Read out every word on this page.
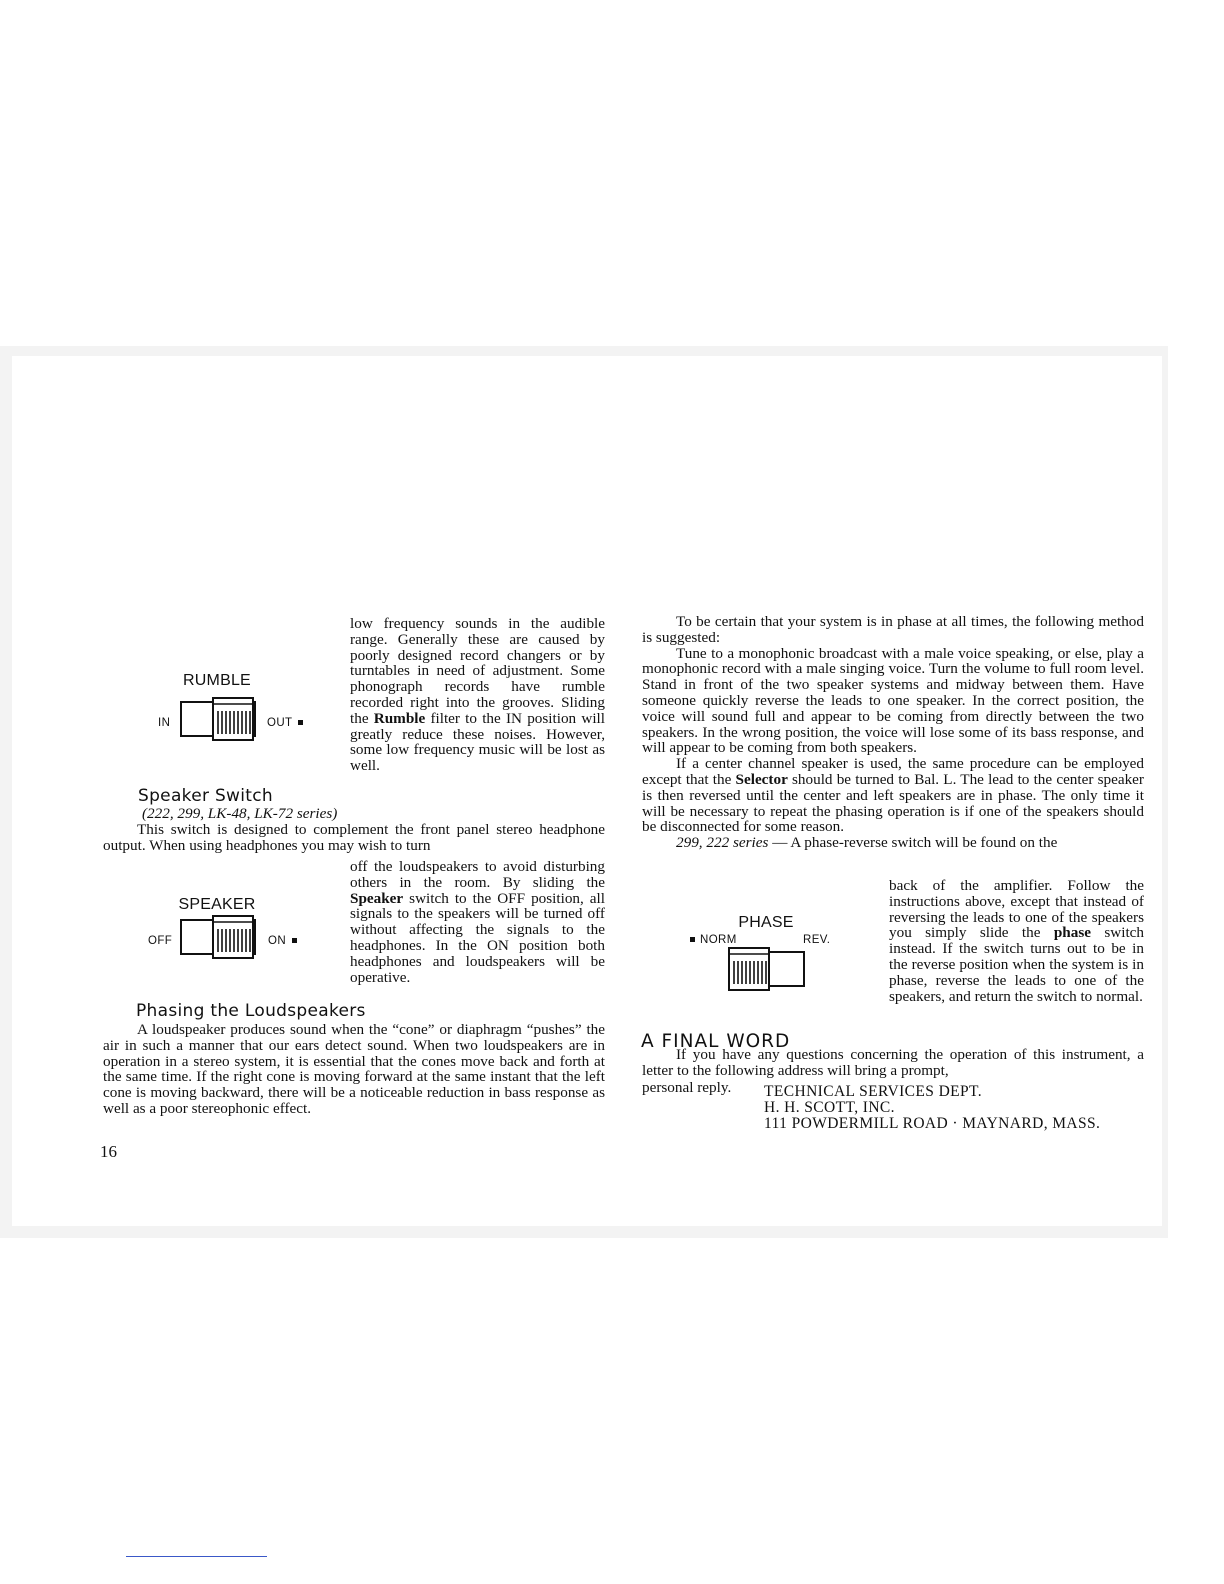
RUMBLE
IN	OUT

low frequency sounds in the audible range. Generally these are caused by poorly designed record changers or by turntables in need of adjustment. Some phonograph records have rumble recorded right into the grooves. Sliding the Rumble filter to the IN position will greatly reduce these noises. However, some low frequency music will be lost as well.

Speaker Switch
(222, 299, LK-48, LK-72 series)

This switch is designed to complement the front panel stereo headphone output. When using headphones you may wish to turn

SPEAKER
OFF	ON

off the loudspeakers to avoid disturbing others in the room. By sliding the Speaker switch to the OFF position, all signals to the speakers will be turned off without affecting the signals to the headphones. In the ON position both headphones and loudspeakers will be operative.

Phasing the Loudspeakers

A loudspeaker produces sound when the “cone” or diaphragm “pushes” the air in such a manner that our ears detect sound. When two loudspeakers are in operation in a stereo system, it is essential that the cones move back and forth at the same time. If the right cone is moving forward at the same instant that the left cone is moving backward, there will be a noticeable reduction in bass response as well as a poor stereophonic effect.

16

To be certain that your system is in phase at all times, the following method is suggested:

Tune to a monophonic broadcast with a male voice speaking, or else, play a monophonic record with a male singing voice. Turn the volume to full room level. Stand in front of the two speaker systems and midway between them. Have someone quickly reverse the leads to one speaker. In the correct position, the voice will sound full and appear to be coming from directly between the two speakers. In the wrong position, the voice will lose some of its bass response, and will appear to be coming from both speakers.

If a center channel speaker is used, the same procedure can be employed except that the Selector should be turned to Bal. L. The lead to the center speaker is then reversed until the center and left speakers are in phase. The only time it will be necessary to repeat the phasing operation is if one of the speakers should be disconnected for some reason.

299, 222 series — A phase-reverse switch will be found on the

PHASE
NORM	REV.

back of the amplifier. Follow the instructions above, except that instead of reversing the leads to one of the speakers you simply slide the phase switch instead. If the switch turns out to be in the reverse position when the system is in phase, reverse the leads to one of the speakers, and return the switch to normal.

A FINAL WORD

If you have any questions concerning the operation of this instrument, a letter to the following address will bring a prompt,

personal reply. TECHNICAL SERVICES DEPT.

H. H. SCOTT, INC.

111 POWDERMILL ROAD · MAYNARD, MASS.
